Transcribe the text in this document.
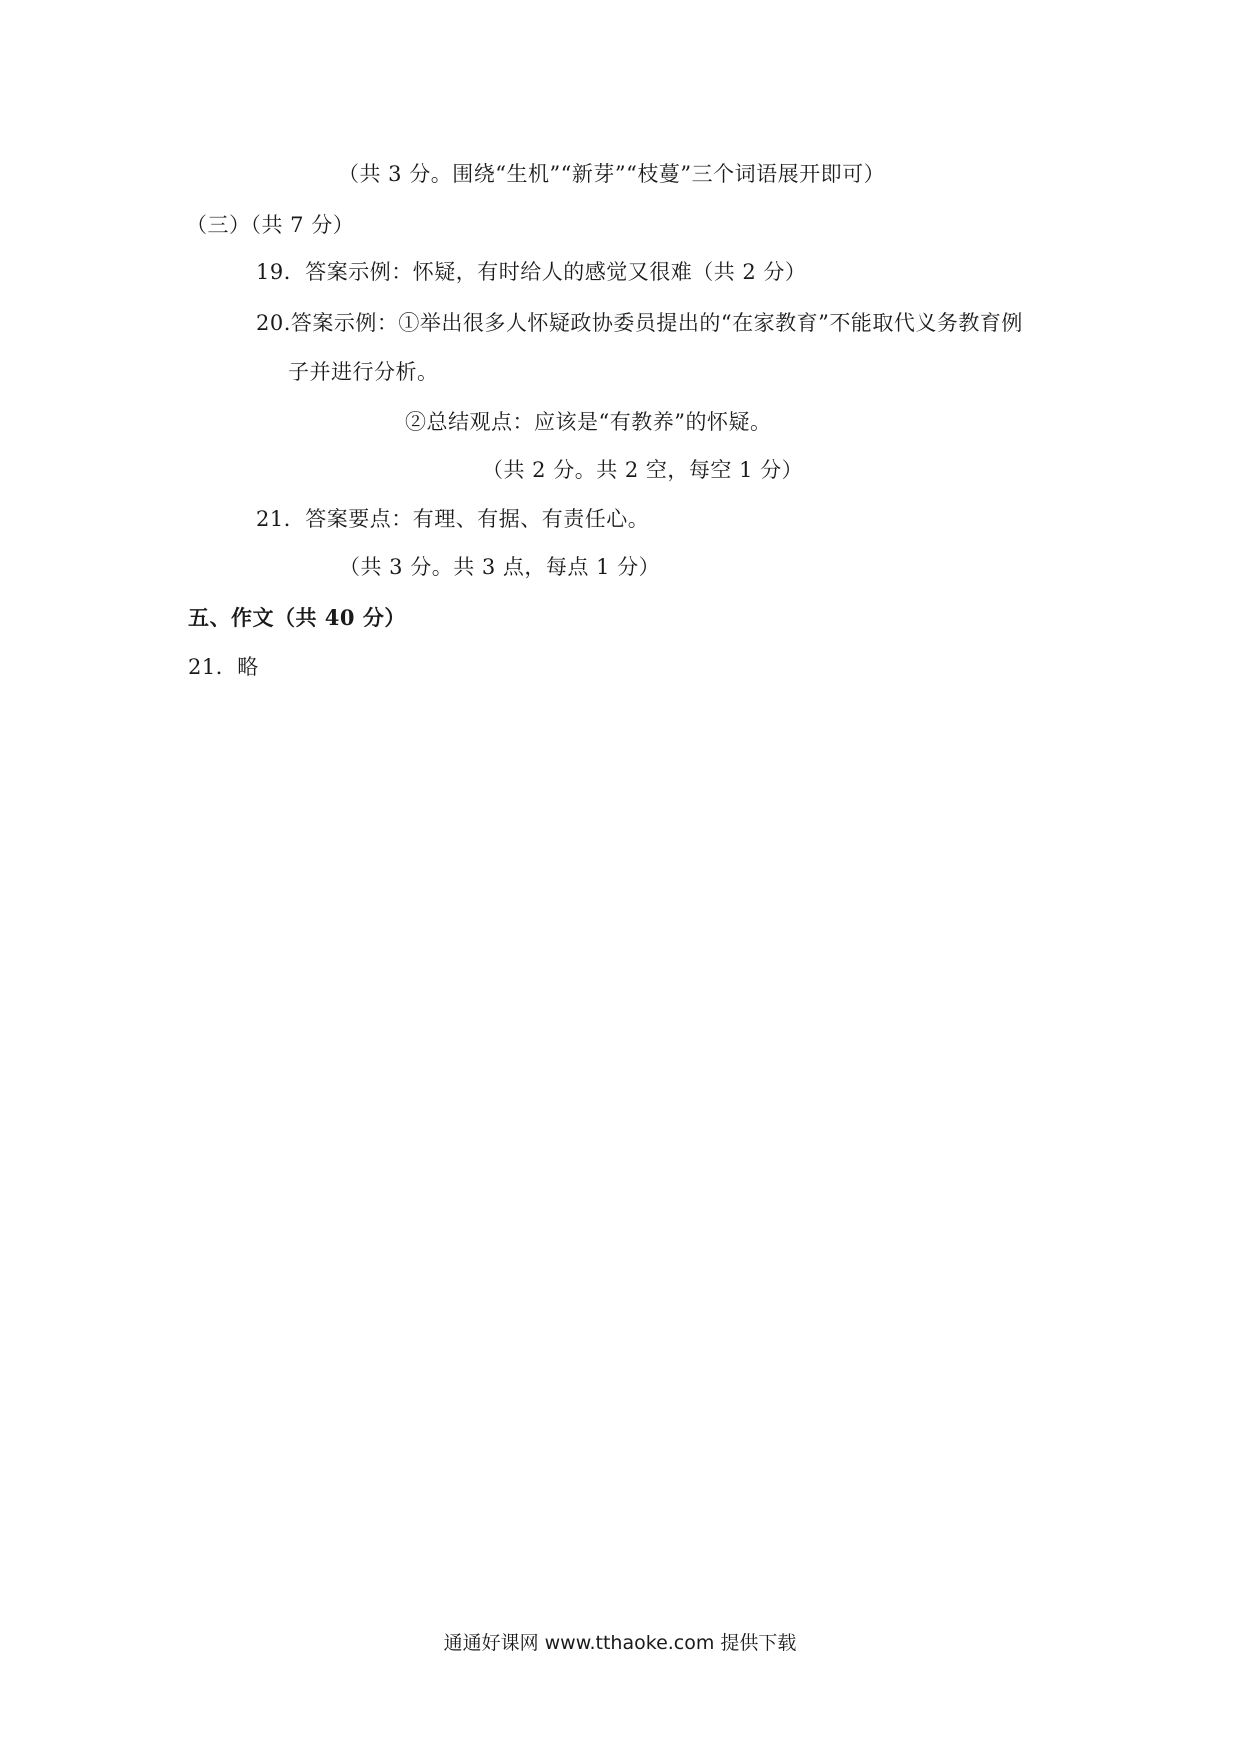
（共 3 分。围绕“生机”“新芽”“枝蔓”三个词语展开即可）
（三）（共 7 分）
19．答案示例：怀疑，有时给人的感觉又很难（共 2 分）
20.答案示例：①举出很多人怀疑政协委员提出的“在家教育”不能取代义务教育例
子并进行分析。
②总结观点：应该是“有教养”的怀疑。
（共 2 分。共 2 空，每空 1 分）
21．答案要点：有理、有据、有责任心。
（共 3 分。共 3 点，每点 1 分）
五、作文（共 40 分）
21．略
通通好课网 www.tthaoke.com 提供下载
